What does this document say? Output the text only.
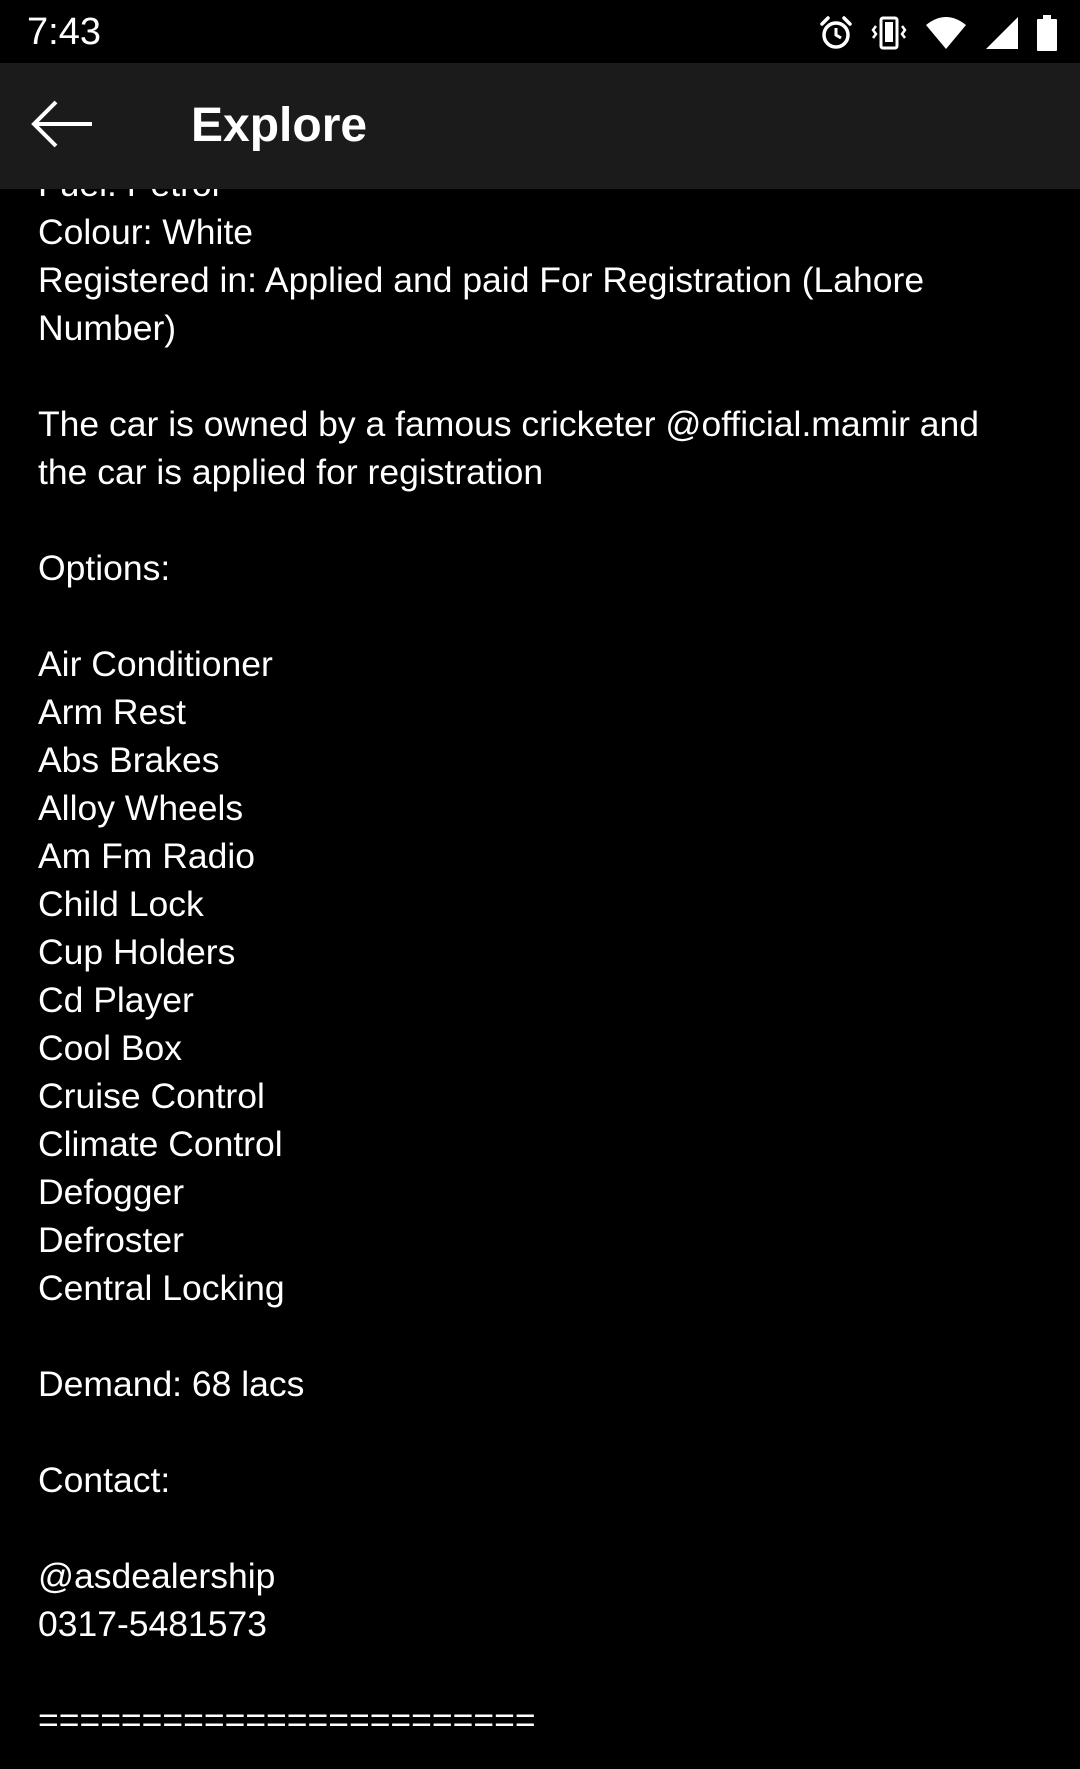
7:43
Explore
Colour: White
Registered in: Applied and paid For Registration (Lahore
Number)
The car is owned by a famous cricketer @official.mamir and
the car is applied for registration
Options:
Air Conditioner
Arm Rest
Abs Brakes
Alloy Wheels
Am Fm Radio
Child Lock
Cup Holders
Cd Player
Cool Box
Cruise Control
Climate Control
Defogger
Defroster
Central Locking
Demand: 68 lacs
Contact:
@asdealership
0317-5481573
========================
